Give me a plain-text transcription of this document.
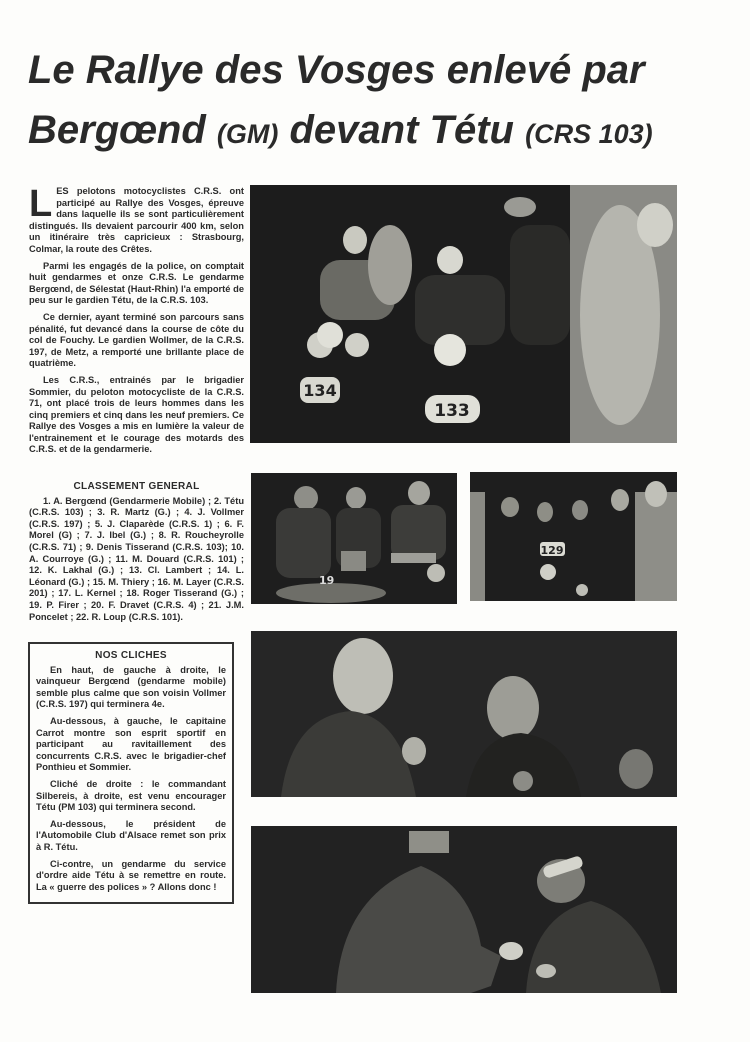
Le Rallye des Vosges enlevé par
Bergœnd (GM) devant Tétu (CRS 103)

LES pelotons motocyclistes C.R.S. ont participé au Rallye des Vosges, épreuve dans laquelle ils se sont particulièrement distingués. Ils devaient parcourir 400 km, selon un itinéraire très capricieux : Strasbourg, Colmar, la route des Crêtes.

Parmi les engagés de la police, on comptait huit gendarmes et onze C.R.S. Le gendarme Bergœnd, de Sélestat (Haut-Rhin) l'a emporté de peu sur le gardien Tétu, de la C.R.S. 103.

Ce dernier, ayant terminé son parcours sans pénalité, fut devancé dans la course de côte du col de Fouchy. Le gardien Wollmer, de la C.R.S. 197, de Metz, a remporté une brillante place de quatrième.

Les C.R.S., entrainés par le brigadier Sommier, du peloton motocycliste de la C.R.S. 71, ont placé trois de leurs hommes dans les cinq premiers et cinq dans les neuf premiers. Ce Rallye des Vosges a mis en lumière la valeur de l'entrainement et le courage des motards des C.R.S. et de la gendarmerie.

CLASSEMENT GENERAL

1. A. Bergœnd (Gendarmerie Mobile) ; 2. Tétu (C.R.S. 103) ; 3. R. Martz (G.) ; 4. J. Vollmer (C.R.S. 197) ; 5. J. Claparède (C.R.S. 1) ; 6. F. Morel (G) ; 7. J. Ibel (G.) ; 8. R. Roucheyrolle (C.R.S. 71) ; 9. Denis Tisserand (C.R.S. 103); 10. A. Courroye (G.) ; 11. M. Douard (C.R.S. 101) ; 12. K. Lakhal (G.) ; 13. Cl. Lambert ; 14. L. Léonard (G.) ; 15. M. Thiery ; 16. M. Layer (C.R.S. 201) ; 17. L. Kernel ; 18. Roger Tisserand (G.) ; 19. P. Firer ; 20. F. Dravet (C.R.S. 4) ; 21. J.M. Poncelet ; 22. R. Loup (C.R.S. 101).

NOS CLICHES

En haut, de gauche à droite, le vainqueur Bergœnd (gendarme mobile) semble plus calme que son voisin Vollmer (C.R.S. 197) qui terminera 4e.

Au-dessous, à gauche, le capitaine Carrot montre son esprit sportif en participant au ravitaillement des concurrents C.R.S. avec le brigadier-chef Ponthieu et Sommier.

Cliché de droite : le commandant Silbereis, à droite, est venu encourager Tétu (PM 103) qui terminera second.

Au-dessous, le président de l'Automobile Club d'Alsace remet son prix à R. Tétu.

Ci-contre, un gendarme du service d'ordre aide Tétu à se remettre en route. La « guerre des polices » ? Allons donc !

134
133
19
129
